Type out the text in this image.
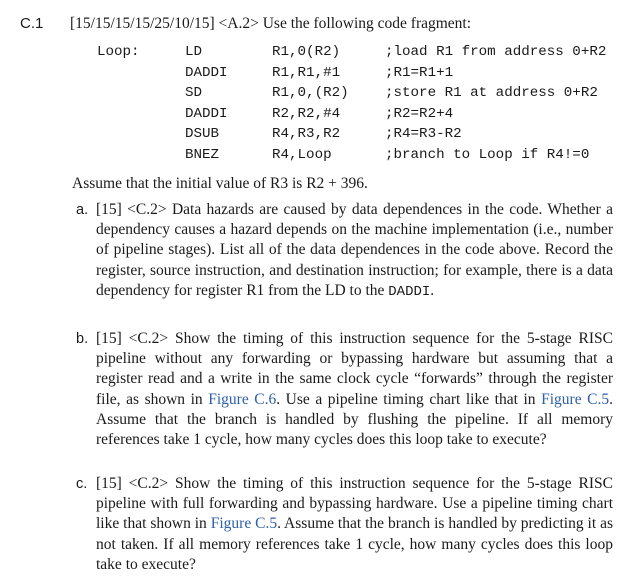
C.1 [15/15/15/15/25/10/15] <A.2> Use the following code fragment:
Loop:	LD	R1,0(R2)	;load R1 from address 0+R2
DADDI	R1,R1,#1	;R1=R1+1
SD	R1,0,(R2)	;store R1 at address 0+R2
DADDI	R2,R2,#4	;R2=R2+4
DSUB	R4,R3,R2	;R4=R3-R2
BNEZ	R4,Loop	;branch to Loop if R4!=0
Assume that the initial value of R3 is R2 + 396.
a. [15] <C.2> Data hazards are caused by data dependences in the code. Whether a dependency causes a hazard depends on the machine implementation (i.e., number of pipeline stages). List all of the data dependences in the code above. Record the register, source instruction, and destination instruction; for example, there is a data dependency for register R1 from the LD to the DADDI.
b. [15] <C.2> Show the timing of this instruction sequence for the 5-stage RISC pipeline without any forwarding or bypassing hardware but assuming that a register read and a write in the same clock cycle “forwards” through the register file, as shown in Figure C.6. Use a pipeline timing chart like that in Figure C.5. Assume that the branch is handled by flushing the pipeline. If all memory references take 1 cycle, how many cycles does this loop take to execute?
c. [15] <C.2> Show the timing of this instruction sequence for the 5-stage RISC pipeline with full forwarding and bypassing hardware. Use a pipeline timing chart like that shown in Figure C.5. Assume that the branch is handled by predicting it as not taken. If all memory references take 1 cycle, how many cycles does this loop take to execute?
